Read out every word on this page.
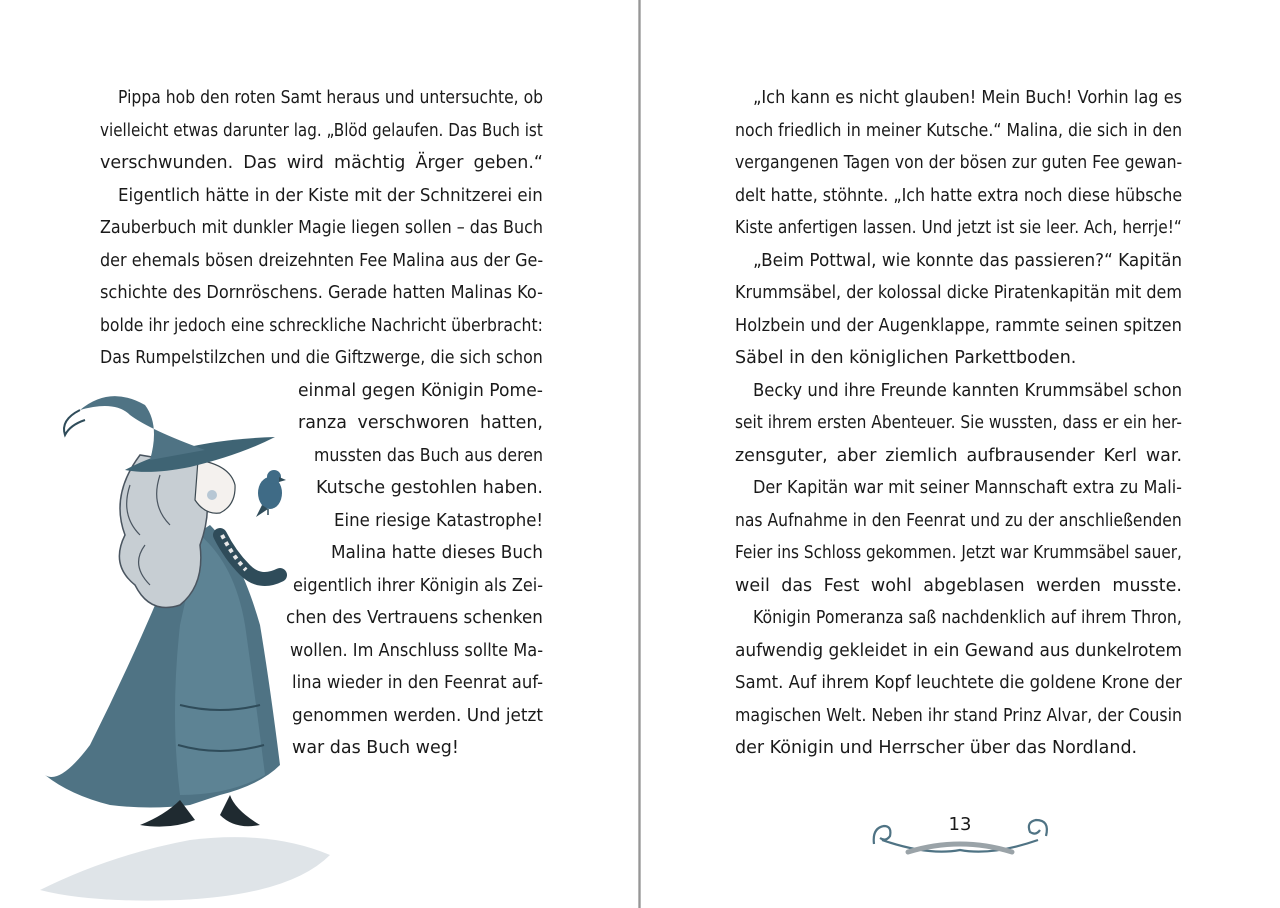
Pippa hob den roten Samt heraus und untersuchte, ob
vielleicht etwas darunter lag. „Blöd gelaufen. Das Buch ist
verschwunden. Das wird mächtig Ärger geben.“
Eigentlich hätte in der Kiste mit der Schnitzerei ein
Zauberbuch mit dunkler Magie liegen sollen – das Buch
der ehemals bösen dreizehnten Fee Malina aus der Ge-
schichte des Dornröschens. Gerade hatten Malinas Ko-
bolde ihr jedoch eine schreckliche Nachricht überbracht:
Das Rumpelstilzchen und die Giftzwerge, die sich schon
einmal gegen Königin Pome-
ranza verschworen hatten,
mussten das Buch aus deren
Kutsche gestohlen haben.
Eine riesige Katastrophe!
Malina hatte dieses Buch
eigentlich ihrer Königin als Zei-
chen des Vertrauens schenken
wollen. Im Anschluss sollte Ma-
lina wieder in den Feenrat auf-
genommen werden. Und jetzt
war das Buch weg!
„Ich kann es nicht glauben! Mein Buch! Vorhin lag es
noch friedlich in meiner Kutsche.“ Malina, die sich in den
vergangenen Tagen von der bösen zur guten Fee gewan-
delt hatte, stöhnte. „Ich hatte extra noch diese hübsche
Kiste anfertigen lassen. Und jetzt ist sie leer. Ach, herrje!“
„Beim Pottwal, wie konnte das passieren?“ Kapitän
Krummsäbel, der kolossal dicke Piratenkapitän mit dem
Holzbein und der Augenklappe, rammte seinen spitzen
Säbel in den königlichen Parkettboden.
Becky und ihre Freunde kannten Krummsäbel schon
seit ihrem ersten Abenteuer. Sie wussten, dass er ein her-
zensguter, aber ziemlich aufbrausender Kerl war.
Der Kapitän war mit seiner Mannschaft extra zu Mali-
nas Aufnahme in den Feenrat und zu der anschließenden
Feier ins Schloss gekommen. Jetzt war Krummsäbel sauer,
weil das Fest wohl abgeblasen werden musste.
Königin Pomeranza saß nachdenklich auf ihrem Thron,
aufwendig gekleidet in ein Gewand aus dunkelrotem
Samt. Auf ihrem Kopf leuchtete die goldene Krone der
magischen Welt. Neben ihr stand Prinz Alvar, der Cousin
der Königin und Herrscher über das Nordland.
13
